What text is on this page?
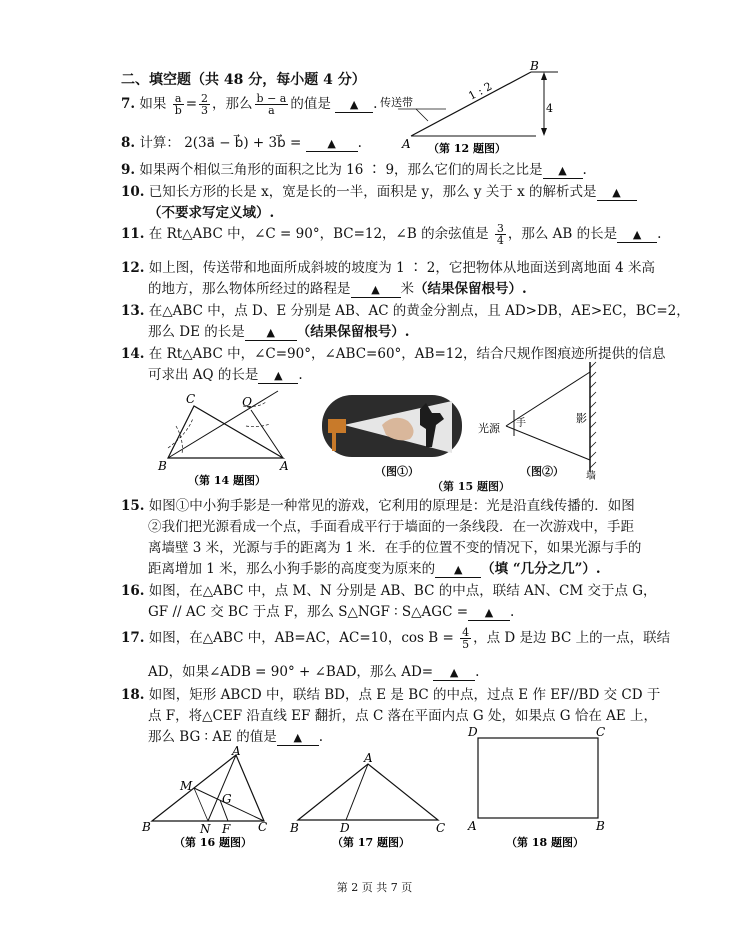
二、填空题（共 48 分，每小题 4 分）
7. 如果 $\frac{a}{b} = \frac{2}{3}$ ，那么 $\frac{b - a}{a}$ 的值是 ▲ .
8. 计算： 2(3a⃗ − b⃗) + 3b⃗ = ▲ .
4
1 : 2
传送带
A
B
（第 12 题图）
9. 如果两个相似三角形的面积之比为 16 ∶ 9，那么它们的周长之比是 ▲ .
10. 已知长方形的长是 x，宽是长的一半，面积是 y，那么 y 关于 x 的解析式是 ▲
（不要求写定义域）.
11. 在 Rt△ABC 中，∠C = 90°，BC=12，∠B 的余弦值是 $\frac{3}{4}$ ，那么 AB 的长是 ▲ .
12. 如上图，传送带和地面所成斜坡的坡度为 1 ∶ 2，它把物体从地面送到离地面 4 米高
的地方，那么物体所经过的路程是 ▲ 米（结果保留根号）.
13. 在△ABC 中，点 D、E 分别是 AB、AC 的黄金分割点，且 AD>DB，AE>EC，BC=2，
那么 DE 的长是 ▲ （结果保留根号）.
14. 在 Rt△ABC 中，∠C=90°，∠ABC=60°，AB=12，结合尺规作图痕迹所提供的信息
可求出 AQ 的长是 ▲ .
B	A
C	Q
（第 14 题图）
（图①）
光源 手	影
墙
（图②）
（第 15 题图）
15. 如图①中小狗手影是一种常见的游戏，它利用的原理是：光是沿直线传播的．如图
②我们把光源看成一个点，手面看成平行于墙面的一条线段．在一次游戏中，手距
离墙壁 3 米，光源与手的距离为 1 米．在手的位置不变的情况下，如果光源与手的
距离增加 1 米，那么小狗手影的高度变为原来的 ▲ （填 “几分之几”）.
16. 如图，在△ABC 中，点 M、N 分别是 AB、BC 的中点，联结 AN、CM 交于点 G，
GF // AC 交 BC 于点 F，那么 S△NGF ∶ S△AGC = ▲ .
17. 如图，在△ABC 中，AB=AC，AC=10，$\cos B = \frac{4}{5}$ ，点 D 是边 BC 上的一点，联结
AD，如果∠ADB = 90° + ∠BAD，那么 AD= ▲ .
18. 如图，矩形 ABCD 中，联结 BD，点 E 是 BC 的中点，过点 E 作 EF//BD 交 CD 于
点 F，将△CEF 沿直线 EF 翻折，点 C 落在平面内点 G 处，如果点 G 恰在 AE 上，
那么 BG ∶ AE 的值是 ▲ .
B	C
A
M
G
N F
（第 16 题图）
B	C
A
D
（第 17 题图）
D	C
A	B
（第 18 题图）
第 2 页 共 7 页
